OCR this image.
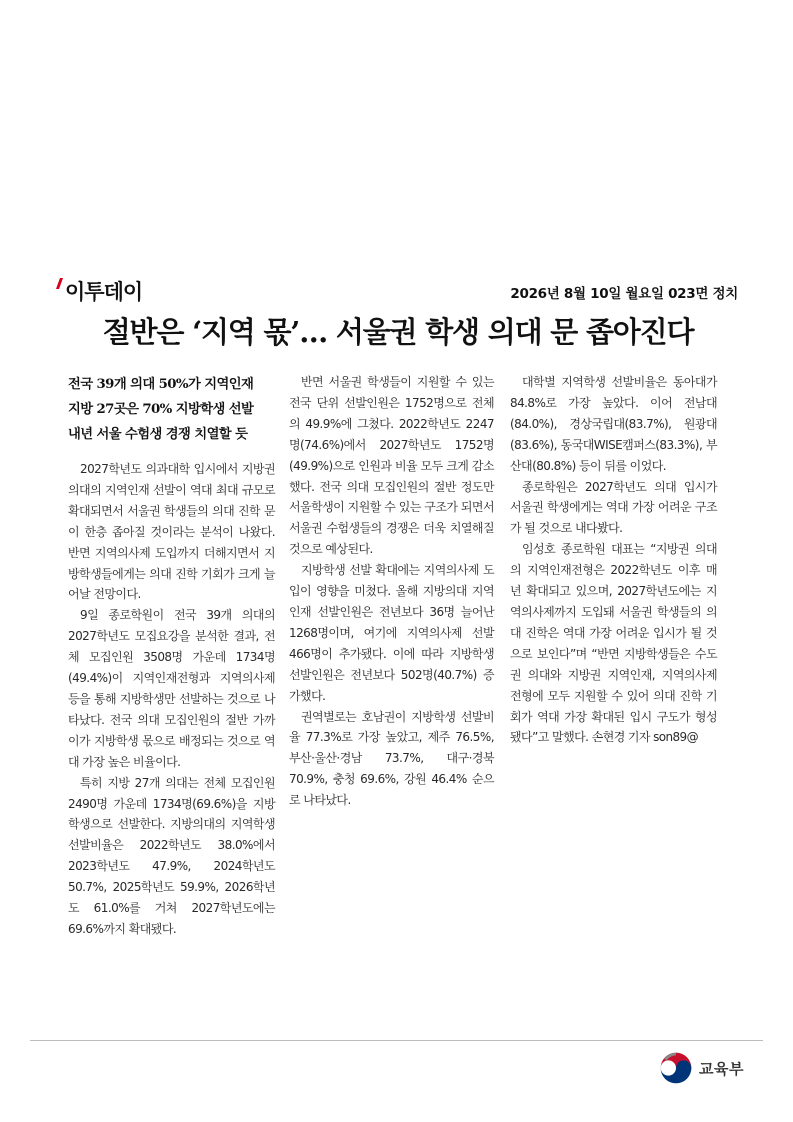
이투데이	2026년 8월 10일 월요일 023면 정치
절반은 ‘지역 몫’… 서울권 학생 의대 문 좁아진다
전국 39개 의대 50%가 지역인재
지방 27곳은 70% 지방학생 선발
내년 서울 수험생 경쟁 치열할 듯

2027학년도 의과대학 입시에서 지방권 의대의 지역인재 선발이 역대 최대 규모로 확대되면서 서울권 학생들의 의대 진학 문이 한층 좁아질 것이라는 분석이 나왔다. 반면 지역의사제 도입까지 더해지면서 지방학생들에게는 의대 진학 기회가 크게 늘어날 전망이다.

9일 종로학원이 전국 39개 의대의 2027학년도 모집요강을 분석한 결과, 전체 모집인원 3508명 가운데 1734명(49.4%)이 지역인재전형과 지역의사제 등을 통해 지방학생만 선발하는 것으로 나타났다. 전국 의대 모집인원의 절반 가까이가 지방학생 몫으로 배정되는 것으로 역대 가장 높은 비율이다.

특히 지방 27개 의대는 전체 모집인원 2490명 가운데 1734명(69.6%)을 지방학생으로 선발한다. 지방의대의 지역학생 선발비율은 2022학년도 38.0%에서 2023학년도 47.9%, 2024학년도 50.7%, 2025학년도 59.9%, 2026학년도 61.0%를 거쳐 2027학년도에는 69.6%까지 확대됐다.

반면 서울권 학생들이 지원할 수 있는 전국 단위 선발인원은 1752명으로 전체의 49.9%에 그쳤다. 2022학년도 2247명(74.6%)에서 2027학년도 1752명(49.9%)으로 인원과 비율 모두 크게 감소했다. 전국 의대 모집인원의 절반 정도만 서울학생이 지원할 수 있는 구조가 되면서 서울권 수험생들의 경쟁은 더욱 치열해질 것으로 예상된다.

지방학생 선발 확대에는 지역의사제 도입이 영향을 미쳤다. 올해 지방의대 지역인재 선발인원은 전년보다 36명 늘어난 1268명이며, 여기에 지역의사제 선발 466명이 추가됐다. 이에 따라 지방학생 선발인원은 전년보다 502명(40.7%) 증가했다.

권역별로는 호남권이 지방학생 선발비율 77.3%로 가장 높았고, 제주 76.5%, 부산·울산·경남 73.7%, 대구·경북 70.9%, 충청 69.6%, 강원 46.4% 순으로 나타났다.

대학별 지역학생 선발비율은 동아대가 84.8%로 가장 높았다. 이어 전남대(84.0%), 경상국립대(83.7%), 원광대(83.6%), 동국대WISE캠퍼스(83.3%), 부산대(80.8%) 등이 뒤를 이었다.

종로학원은 2027학년도 의대 입시가 서울권 학생에게는 역대 가장 어려운 구조가 될 것으로 내다봤다.

임성호 종로학원 대표는 “지방권 의대의 지역인재전형은 2022학년도 이후 매년 확대되고 있으며, 2027학년도에는 지역의사제까지 도입돼 서울권 학생들의 의대 진학은 역대 가장 어려운 입시가 될 것으로 보인다”며 “반면 지방학생들은 수도권 의대와 지방권 지역인재, 지역의사제 전형에 모두 지원할 수 있어 의대 진학 기회가 역대 가장 확대된 입시 구도가 형성됐다”고 말했다. 손현경 기자 son89@

교육부
